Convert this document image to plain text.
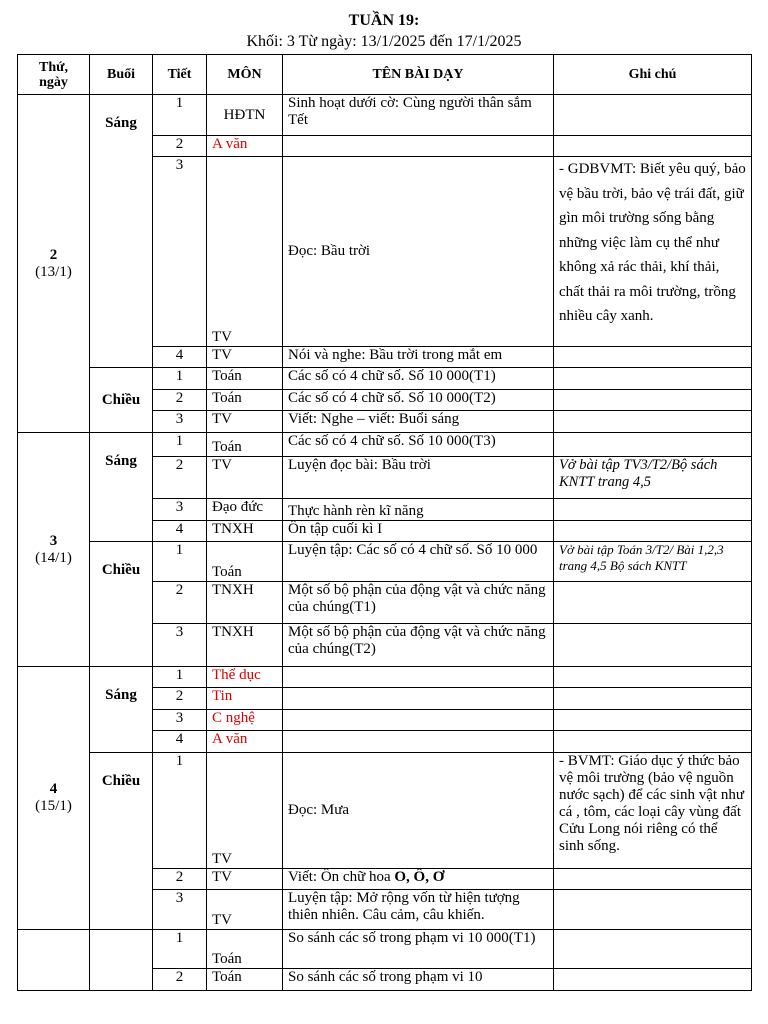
TUẦN 19:
Khối: 3 Từ ngày: 13/1/2025 đến 17/1/2025
Thứ, ngày	Buổi	Tiết	MÔN	TÊN BÀI DẠY	Ghi chú

2
(13/1)	Sáng	1	HĐTN	Sinh hoạt dưới cờ: Cùng người thân sắm Tết	
		2	A văn		
		3	TV	Đọc: Bầu trời	- GDBVMT: Biết yêu quý, bảo vệ bầu trời, bảo vệ trái đất, giữ gìn môi trường sống bằng những việc làm cụ thể như không xả rác thải, khí thải, chất thải ra môi trường, trồng nhiều cây xanh.
		4	TV	Nói và nghe: Bầu trời trong mắt em	
	Chiều	1	Toán	Các số có 4 chữ số. Số 10 000(T1)	
		2	Toán	Các số có 4 chữ số. Số 10 000(T2)	
		3	TV	Viết: Nghe – viết: Buổi sáng	

3
(14/1)	Sáng	1	Toán	Các số có 4 chữ số. Số 10 000(T3)	
		2	TV	Luyện đọc bài: Bầu trời	Vở bài tập TV3/T2/Bộ sách KNTT trang 4,5
		3	Đạo đức	Thực hành rèn kĩ năng	
		4	TNXH	Ôn tập cuối kì I	
	Chiều	1	Toán	Luyện tập: Các số có 4 chữ số. Số 10 000	Vở bài tập Toán 3/T2/ Bài 1,2,3 trang 4,5 Bộ sách KNTT
		2	TNXH	Một số bộ phận của động vật và chức năng của chúng(T1)	
		3	TNXH	Một số bộ phận của động vật và chức năng của chúng(T2)	

4
(15/1)	Sáng	1	Thể dục		
		2	Tin		
		3	C nghệ		
		4	A văn		
	Chiều	1	TV	Đọc: Mưa	- BVMT: Giáo dục ý thức bảo vệ môi trường (bảo vệ nguồn nước sạch) để các sinh vật như cá , tôm, các loại cây vùng đất Cửu Long nói riêng có thể sinh sống.
		2	TV	Viết: Ôn chữ hoa O, Ô, Ơ	
		3	TV	Luyện tập: Mở rộng vốn từ hiện tượng thiên nhiên. Câu cảm, câu khiến.	
		1	Toán	So sánh các số trong phạm vi 10 000(T1)	
		2	Toán	So sánh các số trong phạm vi 10	
